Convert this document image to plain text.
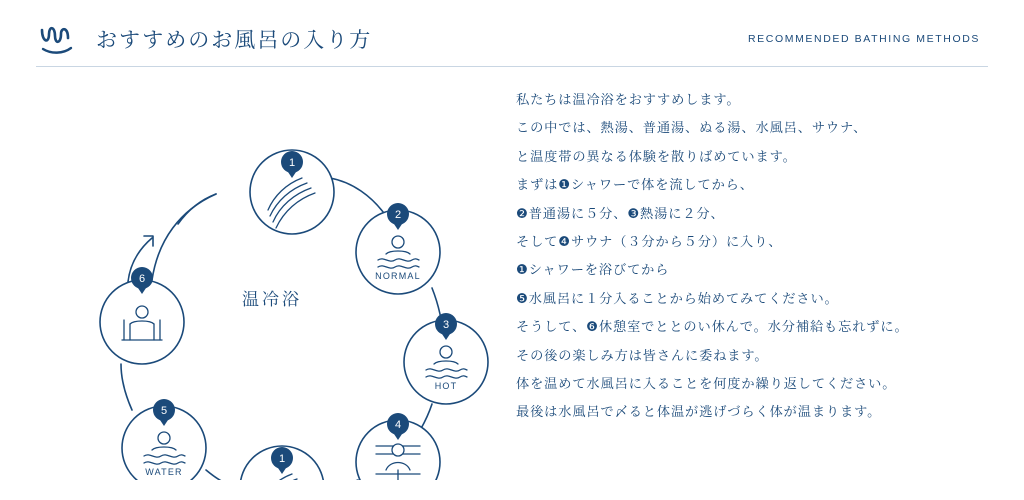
おすすめのお風呂の入り方	RECOMMENDED BATHING METHODS
1
NORMAL
2
HOT
3
4
1
WATER
5
6
温冷浴
私たちは温冷浴をおすすめします。
この中では、熱湯、普通湯、ぬる湯、水風呂、サウナ、
と温度帯の異なる体験を散りばめています。
まずは❶シャワーで体を流してから、
❷普通湯に５分、❸熱湯に２分、
そして❹サウナ（３分から５分）に入り、
❶シャワーを浴びてから
❺水風呂に１分入ることから始めてみてください。
そうして、❻休憩室でととのい休んで。水分補給も忘れずに。
その後の楽しみ方は皆さんに委ねます。
体を温めて水風呂に入ることを何度か繰り返してください。
最後は水風呂で〆ると体温が逃げづらく体が温まります。
